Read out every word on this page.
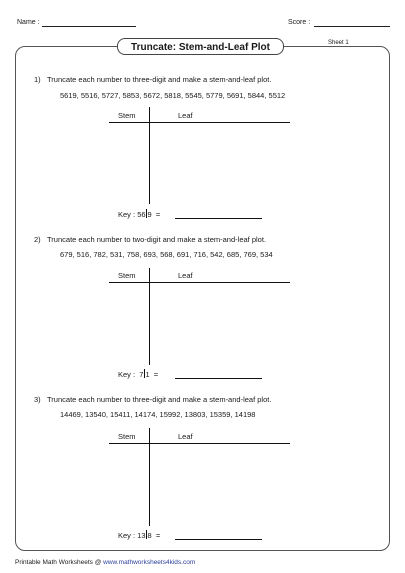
Name :	Score :
Truncate: Stem-and-Leaf Plot	Sheet 1
1) Truncate each number to three-digit and make a stem-and-leaf plot.
5619, 5516, 5727, 5853, 5672, 5818, 5545, 5779, 5691, 5844, 5512
Stem	Leaf
Key : 56 9 =
2) Truncate each number to two-digit and make a stem-and-leaf plot.
679, 516, 782, 531, 758, 693, 568, 691, 716, 542, 685, 769, 534
Stem	Leaf
Key : 7 1 =
3) Truncate each number to three-digit and make a stem-and-leaf plot.
14469, 13540, 15411, 14174, 15992, 13803, 15359, 14198
Stem	Leaf
Key : 13 8 =
Printable Math Worksheets @ www.mathworksheets4kids.com
